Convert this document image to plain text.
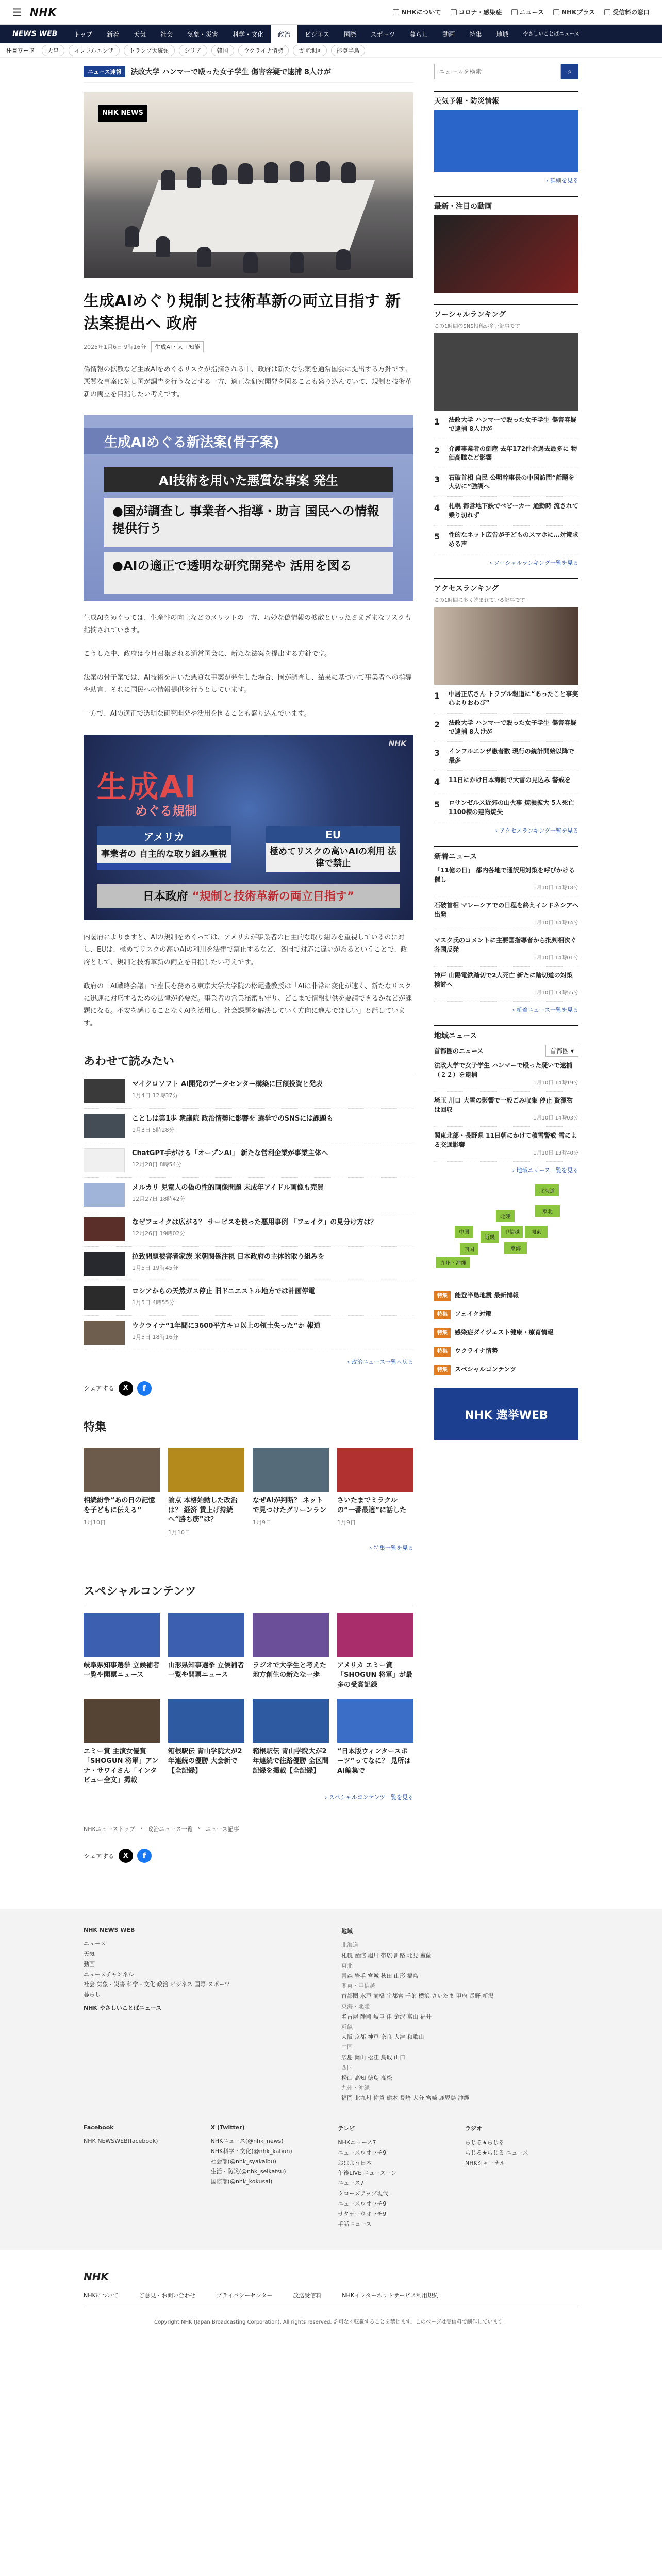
☰ NHK	NHKについて	コロナ・感染症	ニュース	NHKプラス	受信料の窓口
NEWS WEB	トップ	新着	天気	社会	気象・災害	科学・文化	政治	ビジネス	国際	スポーツ	暮らし	動画	特集	地域	やさしいことばニュース
注目ワード	天皇	インフルエンザ	トランプ大統領	シリア	韓国	ウクライナ情勢	ガザ地区	能登半島
ニュース速報	法政大学 ハンマーで殴った女子学生 傷害容疑で逮捕 8人けが
NHK NEWS
生成AIめぐり規制と技術革新の両立目指す 新法案提出へ 政府
2025年1月6日 9時16分	生成AI・人工知能

偽情報の拡散など生成AIをめぐるリスクが指摘される中、政府は新たな法案を通常国会に提出する方針です。悪質な事案に対し国が調査を行うなどする一方、適正な研究開発を図ることも盛り込んでいて、規制と技術革新の両立を目指したい考えです。

生成AIめぐる新法案(骨子案)
AI技術を用いた悪質な事案 発生
●国が調査し 事業者へ指導・助言 国民への情報提供行う
●AIの適正で透明な研究開発や 活用を図る

生成AIをめぐっては、生産性の向上などのメリットの一方、巧妙な偽情報の拡散といったさまざまなリスクも指摘されています。

こうした中、政府は今月召集される通常国会に、新たな法案を提出する方針です。

法案の骨子案では、AI技術を用いた悪質な事案が発生した場合、国が調査し、結果に基づいて事業者への指導や助言、それに国民への情報提供を行うとしています。

一方で、AIの適正で透明な研究開発や活用を図ることも盛り込んでいます。

NHK
生成AI
めぐる規制
アメリカ
事業者の 自主的な取り組み重視
EU
極めてリスクの高いAIの利用 法律で禁止
日本政府 “規制と技術革新の両立目指す”

内閣府によりますと、AIの規制をめぐっては、アメリカが事業者の自主的な取り組みを重視しているのに対し、EUは、極めてリスクの高いAIの利用を法律で禁止するなど、各国で対応に違いがあるということで、政府として、規制と技術革新の両立を目指したい考えです。

政府の「AI戦略会議」で座長を務める東京大学大学院の松尾豊教授は「AIは非常に変化が速く、新たなリスクに迅速に対応するための法律が必要だ。事業者の営業秘密も守り、どこまで情報提供を要請できるかなどが課題になる。不安を感じることなくAIを活用し、社会課題を解決していく方向に進んでほしい」と話しています。

あわせて読みたい
マイクロソフト AI開発のデータセンター構築に巨額投資と発表
1月4日 12時37分
ことしは第1歩 衆議院 政治情勢に影響を 選挙でのSNSには課題も
1月3日 5時28分
ChatGPT手がける「オープンAI」 新たな営利企業が事業主体へ
12月28日 8時54分
メルカリ 児童人の偽の性的画像問題 未成年アイドル画像も売買
12月27日 18時42分
なぜフェイクは広がる？ サービスを使った悪用事例 「フェイク」の見分け方は？
12月26日 19時02分
拉致問題被害者家族 米朝関係注視 日本政府の主体的取り組みを
1月5日 19時45分
ロシアからの天然ガス停止 旧ドニエストル地方では計画停電
1月5日 4時55分
ウクライナ“1年間に3600平方キロ以上の領土失った”か 報道
1月5日 18時16分
› 政治ニュース一覧へ戻る
シェアする	X	f
特集
相続紛争“あの日の記憶を子どもに伝える”
1月10日
論点 本格始動した改治は？ 経済 賃上げ持続へ“勝ち筋”は？
1月10日
なぜAIが判断？ ネットで見つけたグリーンラン
1月9日
さいたまでミラクルの“一番最適”に話した
1月9日
› 特集一覧を見る
スペシャルコンテンツ
岐阜県知事選挙 立候補者一覧や開票ニュース
山形県知事選挙 立候補者一覧や開票ニュース
ラジオで大学生と考えた 地方創生の新たな一歩
アメリカ エミー賞 「SHOGUN 将軍」が最多の受賞記録
エミー賞 主演女優賞 「SHOGUN 将軍」アンナ・サワイさん「インタビュー全文」掲載
箱根駅伝 青山学院大が2年連続の優勝 大会新で【全記録】
箱根駅伝 青山学院大が2年連続で往路優勝 全区間記録を掲載【全記録】
“日本版ウィンタースポーツ”ってなに？ 見所はAI編集で
› スペシャルコンテンツ一覧を見る
NHKニューストップ › 政治ニュース一覧 › ニュース記事
シェアする	X	f
ニュースを検索
⌕
天気予報・防災情報
› 詳細を見る
最新・注目の動画
ソーシャルランキング
この1時間のSNS投稿が多い記事です
1	法政大学 ハンマーで殴った女子学生 傷害容疑で逮捕 8人けが
2	介護事業者の倒産 去年172件余過去最多に 物価高騰など影響
3	石破首相 自民 公明幹事長の中国訪問“話題を大切に”強調へ
4	札幌 都営地下鉄でベビーカー 通勤時 流されて乗り切れず
5	性的なネット広告が子どものスマホに…対策求める声
› ソーシャルランキング一覧を見る
アクセスランキング
この1時間に多く読まれている記事です
1	中居正広さん トラブル報道に“あったこと事実 心よりおわび”
2	法政大学 ハンマーで殴った女子学生 傷害容疑で逮捕 8人けが
3	インフルエンザ患者数 現行の統計開始以降で最多
4	11日にかけ日本海側で大雪の見込み 警戒を
5	ロサンゼルス近郊の山火事 焼損拡大 5人死亡 1100棟の建物焼失
› アクセスランキング一覧を見る
新着ニュース
「11億の日」 都内各地で通訳用対策を呼びかける催し
1月10日 14時18分
石破首相 マレーシアでの日程を終えインドネシアへ出発
1月10日 14時14分
マスク氏のコメントに主要国指導者から批判相次ぐ 各国反発
1月10日 14時01分
神戸 山陽電鉄踏切で2人死亡 新たに踏切道の対策検討へ
1月10日 13時55分
› 新着ニュース一覧を見る
地域ニュース
首都圏のニュース	首都圏 ▾
法政大学で女子学生 ハンマーで殴った疑いで逮捕（２２）を逮捕
1月10日 14時19分
埼玉 川口 大雪の影響で一般ごみ収集 停止 資源物は回収
1月10日 14時03分
関東北部・長野県 11日朝にかけて積雪警戒 雪による交通影響
1月10日 13時40分
› 地域ニュース一覧を見る
北海道
東北
関東
甲信越
東海
北陸
近畿
中国
四国
九州・沖縄
特集 能登半島地震 最新情報
特集 フェイク対策
特集 感染症ダイジェスト健康・療育情報
特集 ウクライナ情勢
特集 スペシャルコンテンツ
NHK 選挙WEB
NHK NEWS WEB
ニュース
天気
動画
ニュースチャンネル
社会 気象・災害 科学・文化 政治 ビジネス 国際 スポーツ
暮らし
NHK やさしいことばニュース
地域
北海道
札幌 函館 旭川 帯広 釧路 北見 室蘭
東北
青森 岩手 宮城 秋田 山形 福島
関東・甲信越
首都圏 水戸 前橋 宇都宮 千葉 横浜 さいたま 甲府 長野 新潟
東海・北陸
名古屋 静岡 岐阜 津 金沢 富山 福井
近畿
大阪 京都 神戸 奈良 大津 和歌山
中国
広島 岡山 松江 鳥取 山口
四国
松山 高知 徳島 高松
九州・沖縄
福岡 北九州 佐賀 熊本 長崎 大分 宮崎 鹿児島 沖縄
Facebook
NHK NEWSWEB(facebook)
X (Twitter)
NHKニュース(@nhk_news)
NHK科学・文化(@nhk_kabun)
社会部(@nhk_syakaibu)
生活・防災(@nhk_seikatsu)
国際部(@nhk_kokusai)
テレビ
NHKニュース7
ニュースウオッチ9
おはよう日本
午後LIVE ニュースーン
ニュース7
クローズアップ現代
ニュースウオッチ9
サタデーウオッチ9
手話ニュース
ラジオ
らじる★らじる
らじる★らじる ニュース
NHKジャーナル
NHK
NHKについて	ご意見・お問い合わせ	プライバシーセンター	放送受信料	NHKインターネットサービス利用規約
Copyright NHK (Japan Broadcasting Corporation). All rights reserved. 許可なく転載することを禁じます。このページは受信料で制作しています。
